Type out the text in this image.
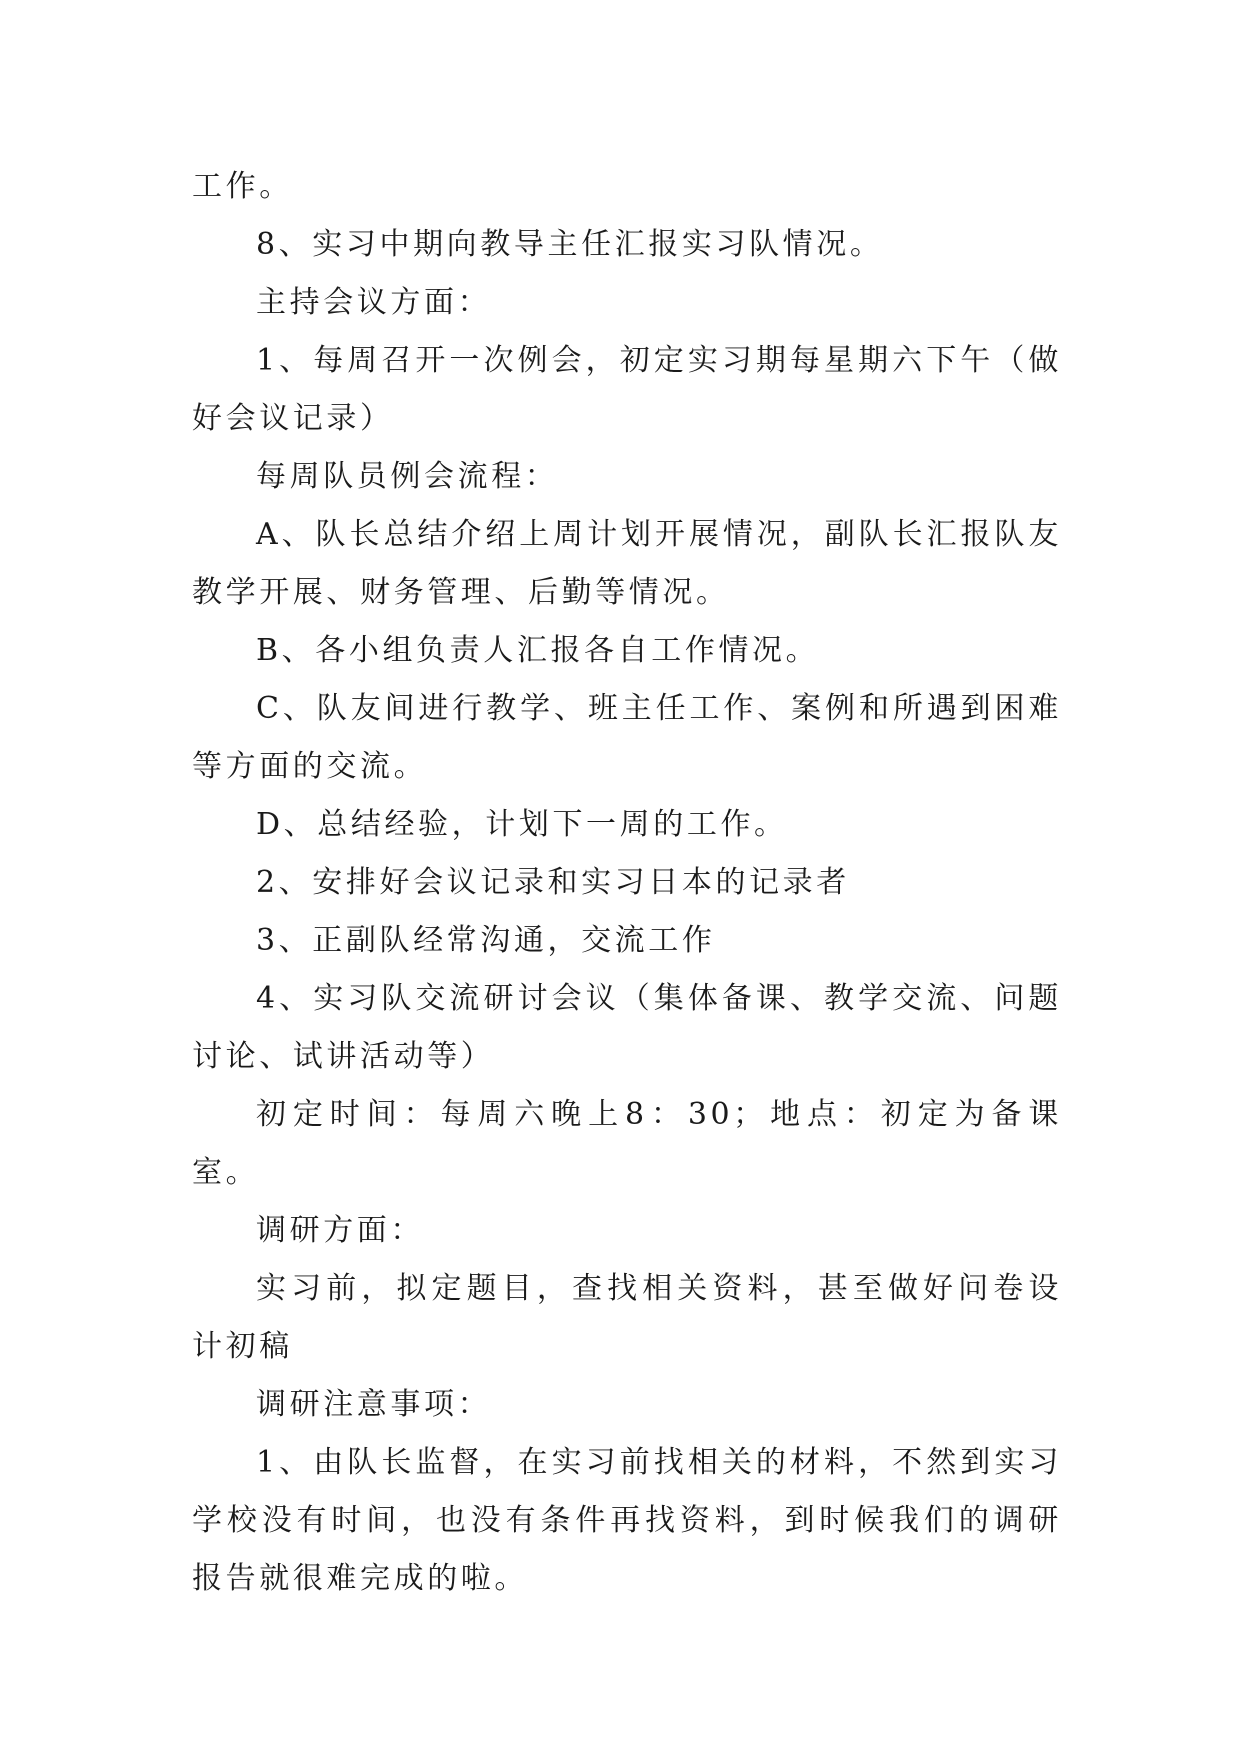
工作。

8、实习中期向教导主任汇报实习队情况。

主持会议方面：

1、每周召开一次例会，初定实习期每星期六下午（做好会议记录）

每周队员例会流程：

A、队长总结介绍上周计划开展情况，副队长汇报队友教学开展、财务管理、后勤等情况。

B、各小组负责人汇报各自工作情况。

C、队友间进行教学、班主任工作、案例和所遇到困难等方面的交流。

D、总结经验，计划下一周的工作。

2、安排好会议记录和实习日本的记录者

3、正副队经常沟通，交流工作

4、实习队交流研讨会议（集体备课、教学交流、问题讨论、试讲活动等）

初定时间：每周六晚上8：30；地点：初定为备课室。

调研方面：

实习前，拟定题目，查找相关资料，甚至做好问卷设计初稿

调研注意事项：

1、由队长监督，在实习前找相关的材料，不然到实习学校没有时间，也没有条件再找资料，到时候我们的调研报告就很难完成的啦。
